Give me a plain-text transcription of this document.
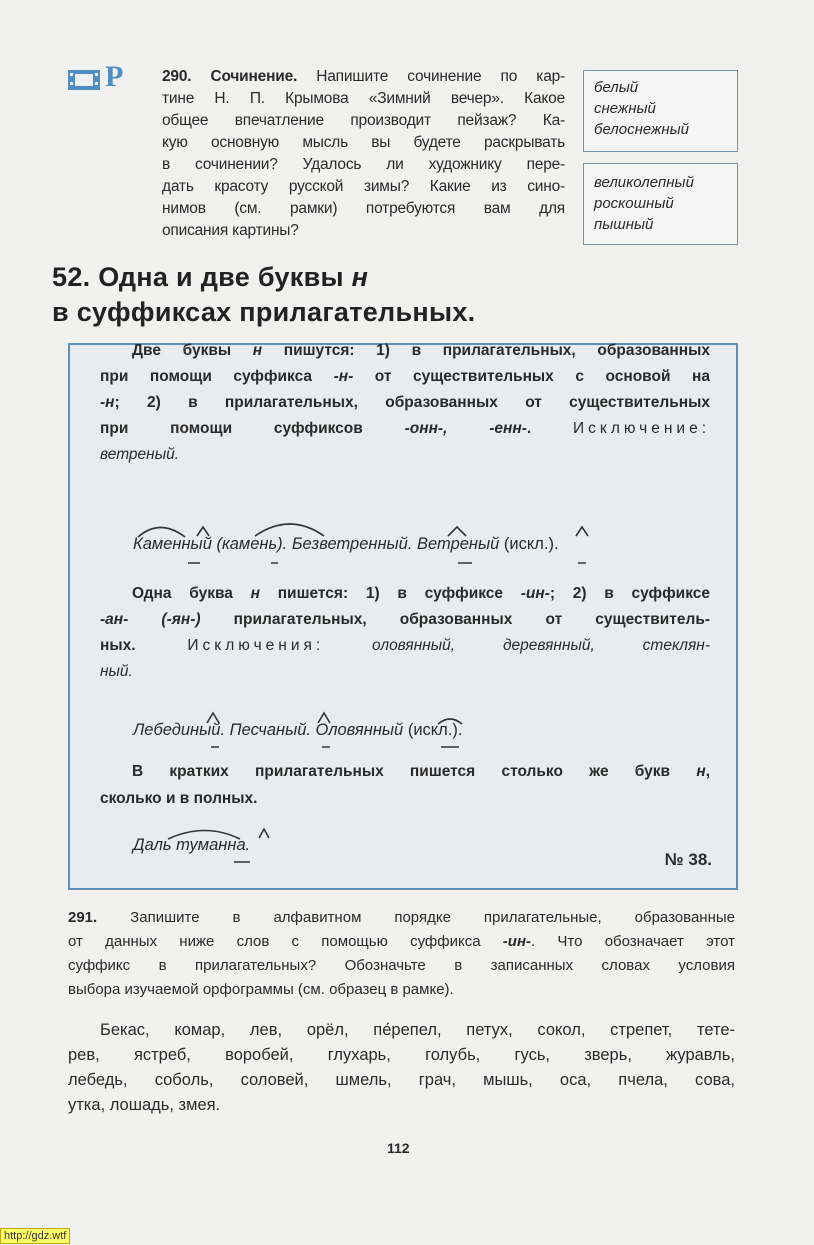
Р 290. Сочинение. Напишите сочинение по кар-
тине Н. П. Крымова «Зимний вечер». Какое
общее впечатление производит пейзаж? Ка-
кую основную мысль вы будете раскрывать
в сочинении? Удалось ли художнику пере-
дать красоту русской зимы? Какие из сино-
нимов (см. рамки) потребуются вам для
описания картины?
белый
снежный
белоснежный
великолепный
роскошный
пышный
52. Одна и две буквы н
в суффиксах прилагательных.
Две буквы н пишутся: 1) в прилагательных, образованных
при помощи суффикса -н- от существительных с основой на
-н; 2) в прилагательных, образованных от существительных
при помощи суффиксов -онн-, -енн-. Исключение:
ветреный.
Каменный (камень). Безветренный. Ветреный (искл.).
Одна буква н пишется: 1) в суффиксе -ин-; 2) в суффиксе
-ан- (-ян-) прилагательных, образованных от существитель-
ных. Исключения: оловянный, деревянный, стеклян-
ный.
Лебединый. Песчаный. Оловянный (искл.).
В кратких прилагательных пишется столько же букв н,
сколько и в полных.
Даль туманна.
№ 38.
291. Запишите в алфавитном порядке прилагательные, образованные
от данных ниже слов с помощью суффикса -ин-. Что обозначает этот
суффикс в прилагательных? Обозначьте в записанных словах условия
выбора изучаемой орфограммы (см. образец в рамке).
Бекас, комар, лев, орёл, пе́репел, петух, сокол, стрепет, тете-
рев, ястреб, воробей, глухарь, голубь, гусь, зверь, журавль,
лебедь, соболь, соловей, шмель, грач, мышь, оса, пчела, сова,
утка, лошадь, змея.
112
http://gdz.wtf
